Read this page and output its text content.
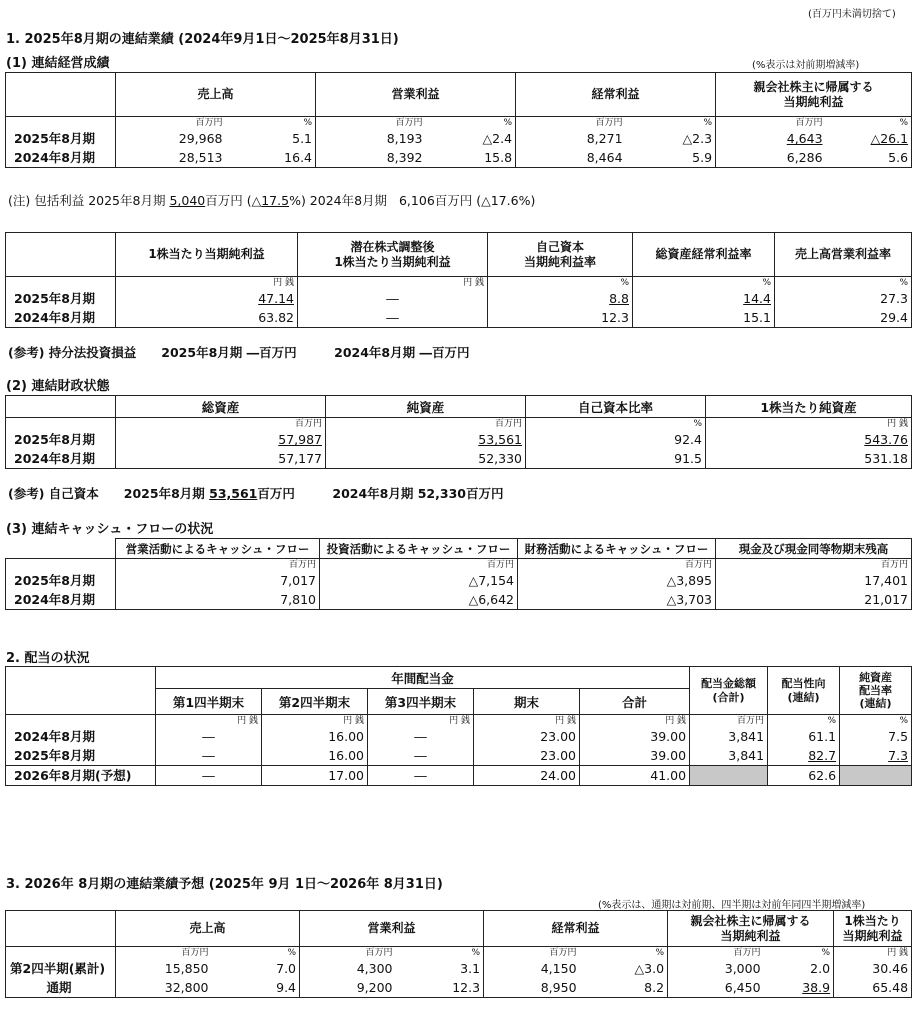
(百万円未満切捨て)
1. 2025年8月期の連結業績 (2024年9月1日～2025年8月31日)
(1) 連結経営成績	(%表示は対前期増減率)
	売上高		営業利益		経常利益		親会社株主に帰属する
当期純利益	
	百万円	%	百万円	%	百万円	%	百万円	%
2025年8月期	29,968	5.1	8,193	△2.4	8,271	△2.3	4,643	△26.1
2024年8月期	28,513	16.4	8,392	15.8	8,464	5.9	6,286	5.6
(注) 包括利益 2025年8月期 5,040百万円 (△17.5%) 2024年8月期 6,106百万円 (△17.6%)
	1株当たり当期純利益	潜在株式調整後
1株当たり当期純利益	自己資本
当期純利益率	総資産経常利益率	売上高営業利益率
	円 銭	円 銭	%	%	%
2025年8月期	47.14	―	8.8	14.4	27.3
2024年8月期	63.82	―	12.3	15.1	29.4
(参考) 持分法投資損益　　2025年8月期 ―百万円　　　2024年8月期 ―百万円
(2) 連結財政状態
	総資産	純資産	自己資本比率	1株当たり純資産
	百万円	百万円	%	円 銭
2025年8月期	57,987	53,561	92.4	543.76
2024年8月期	57,177	52,330	91.5	531.18
(参考) 自己資本　　2025年8月期 53,561百万円　　　2024年8月期 52,330百万円
(3) 連結キャッシュ・フローの状況
	営業活動によるキャッシュ・フロー	投資活動によるキャッシュ・フロー	財務活動によるキャッシュ・フロー	現金及び現金同等物期末残高
	百万円	百万円	百万円	百万円
2025年8月期	7,017	△7,154	△3,895	17,401
2024年8月期	7,810	△6,642	△3,703	21,017
2. 配当の状況
	年間配当金					配当金総額
(合計)	配当性向
(連結)	純資産
配当率
(連結)
	第1四半期末	第2四半期末	第3四半期末	期末	合計			
	円 銭	円 銭	円 銭	円 銭	円 銭	百万円	%	%
2024年8月期	―	16.00	―	23.00	39.00	3,841	61.1	7.5
2025年8月期	―	16.00	―	23.00	39.00	3,841	82.7	7.3
2026年8月期(予想)	―	17.00	―	24.00	41.00		62.6	
3. 2026年 8月期の連結業績予想 (2025年 9月 1日～2026年 8月31日)
(%表示は、通期は対前期、四半期は対前年同四半期増減率)
	売上高		営業利益		経常利益		親会社株主に帰属する
当期純利益		1株当たり
当期純利益
	百万円	%	百万円	%	百万円	%	百万円	%	円 銭
第2四半期(累計)	15,850	7.0	4,300	3.1	4,150	△3.0	3,000	2.0	30.46
通期	32,800	9.4	9,200	12.3	8,950	8.2	6,450	38.9	65.48
